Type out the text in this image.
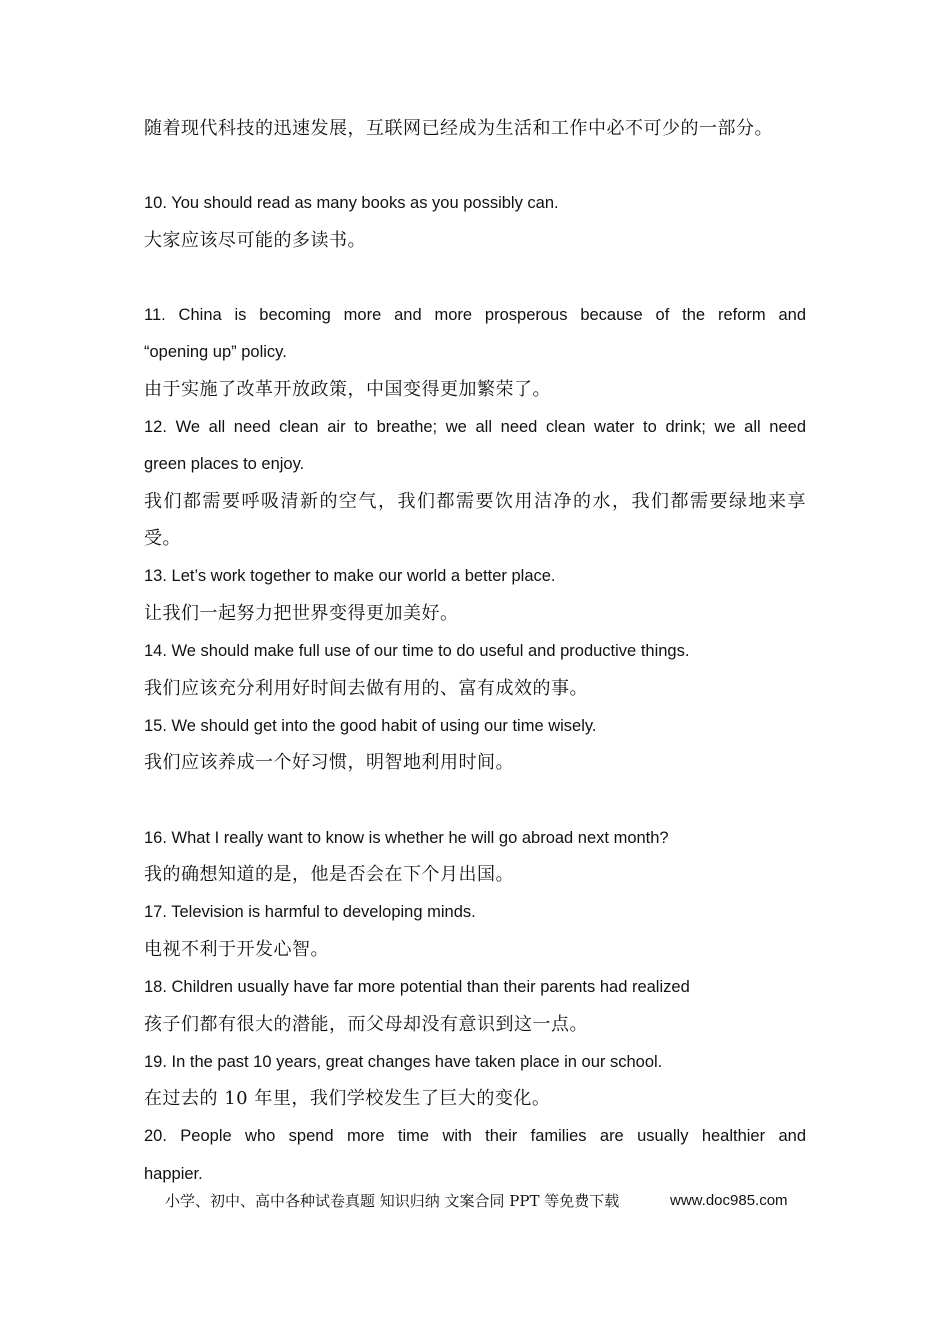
随着现代科技的迅速发展，互联网已经成为生活和工作中必不可少的一部分。
10. You should read as many books as you possibly can.
大家应该尽可能的多读书。
11. China is becoming more and more prosperous because of the reform and
“opening up” policy.
由于实施了改革开放政策，中国变得更加繁荣了。
12. We all need clean air to breathe; we all need clean water to drink; we all need
green places to enjoy.
我们都需要呼吸清新的空气，我们都需要饮用洁净的水，我们都需要绿地来享
受。
13. Let’s work together to make our world a better place.
让我们一起努力把世界变得更加美好。
14. We should make full use of our time to do useful and productive things.
我们应该充分利用好时间去做有用的、富有成效的事。
15. We should get into the good habit of using our time wisely.
我们应该养成一个好习惯，明智地利用时间。
16. What I really want to know is whether he will go abroad next month?
我的确想知道的是，他是否会在下个月出国。
17. Television is harmful to developing minds.
电视不利于开发心智。
18. Children usually have far more potential than their parents had realized
孩子们都有很大的潜能，而父母却没有意识到这一点。
19. In the past 10 years, great changes have taken place in our school.
在过去的 10 年里，我们学校发生了巨大的变化。
20. People who spend more time with their families are usually healthier and
happier.
小学、初中、高中各种试卷真题 知识归纳 文案合同 PPT 等免费下载	www.doc985.com
